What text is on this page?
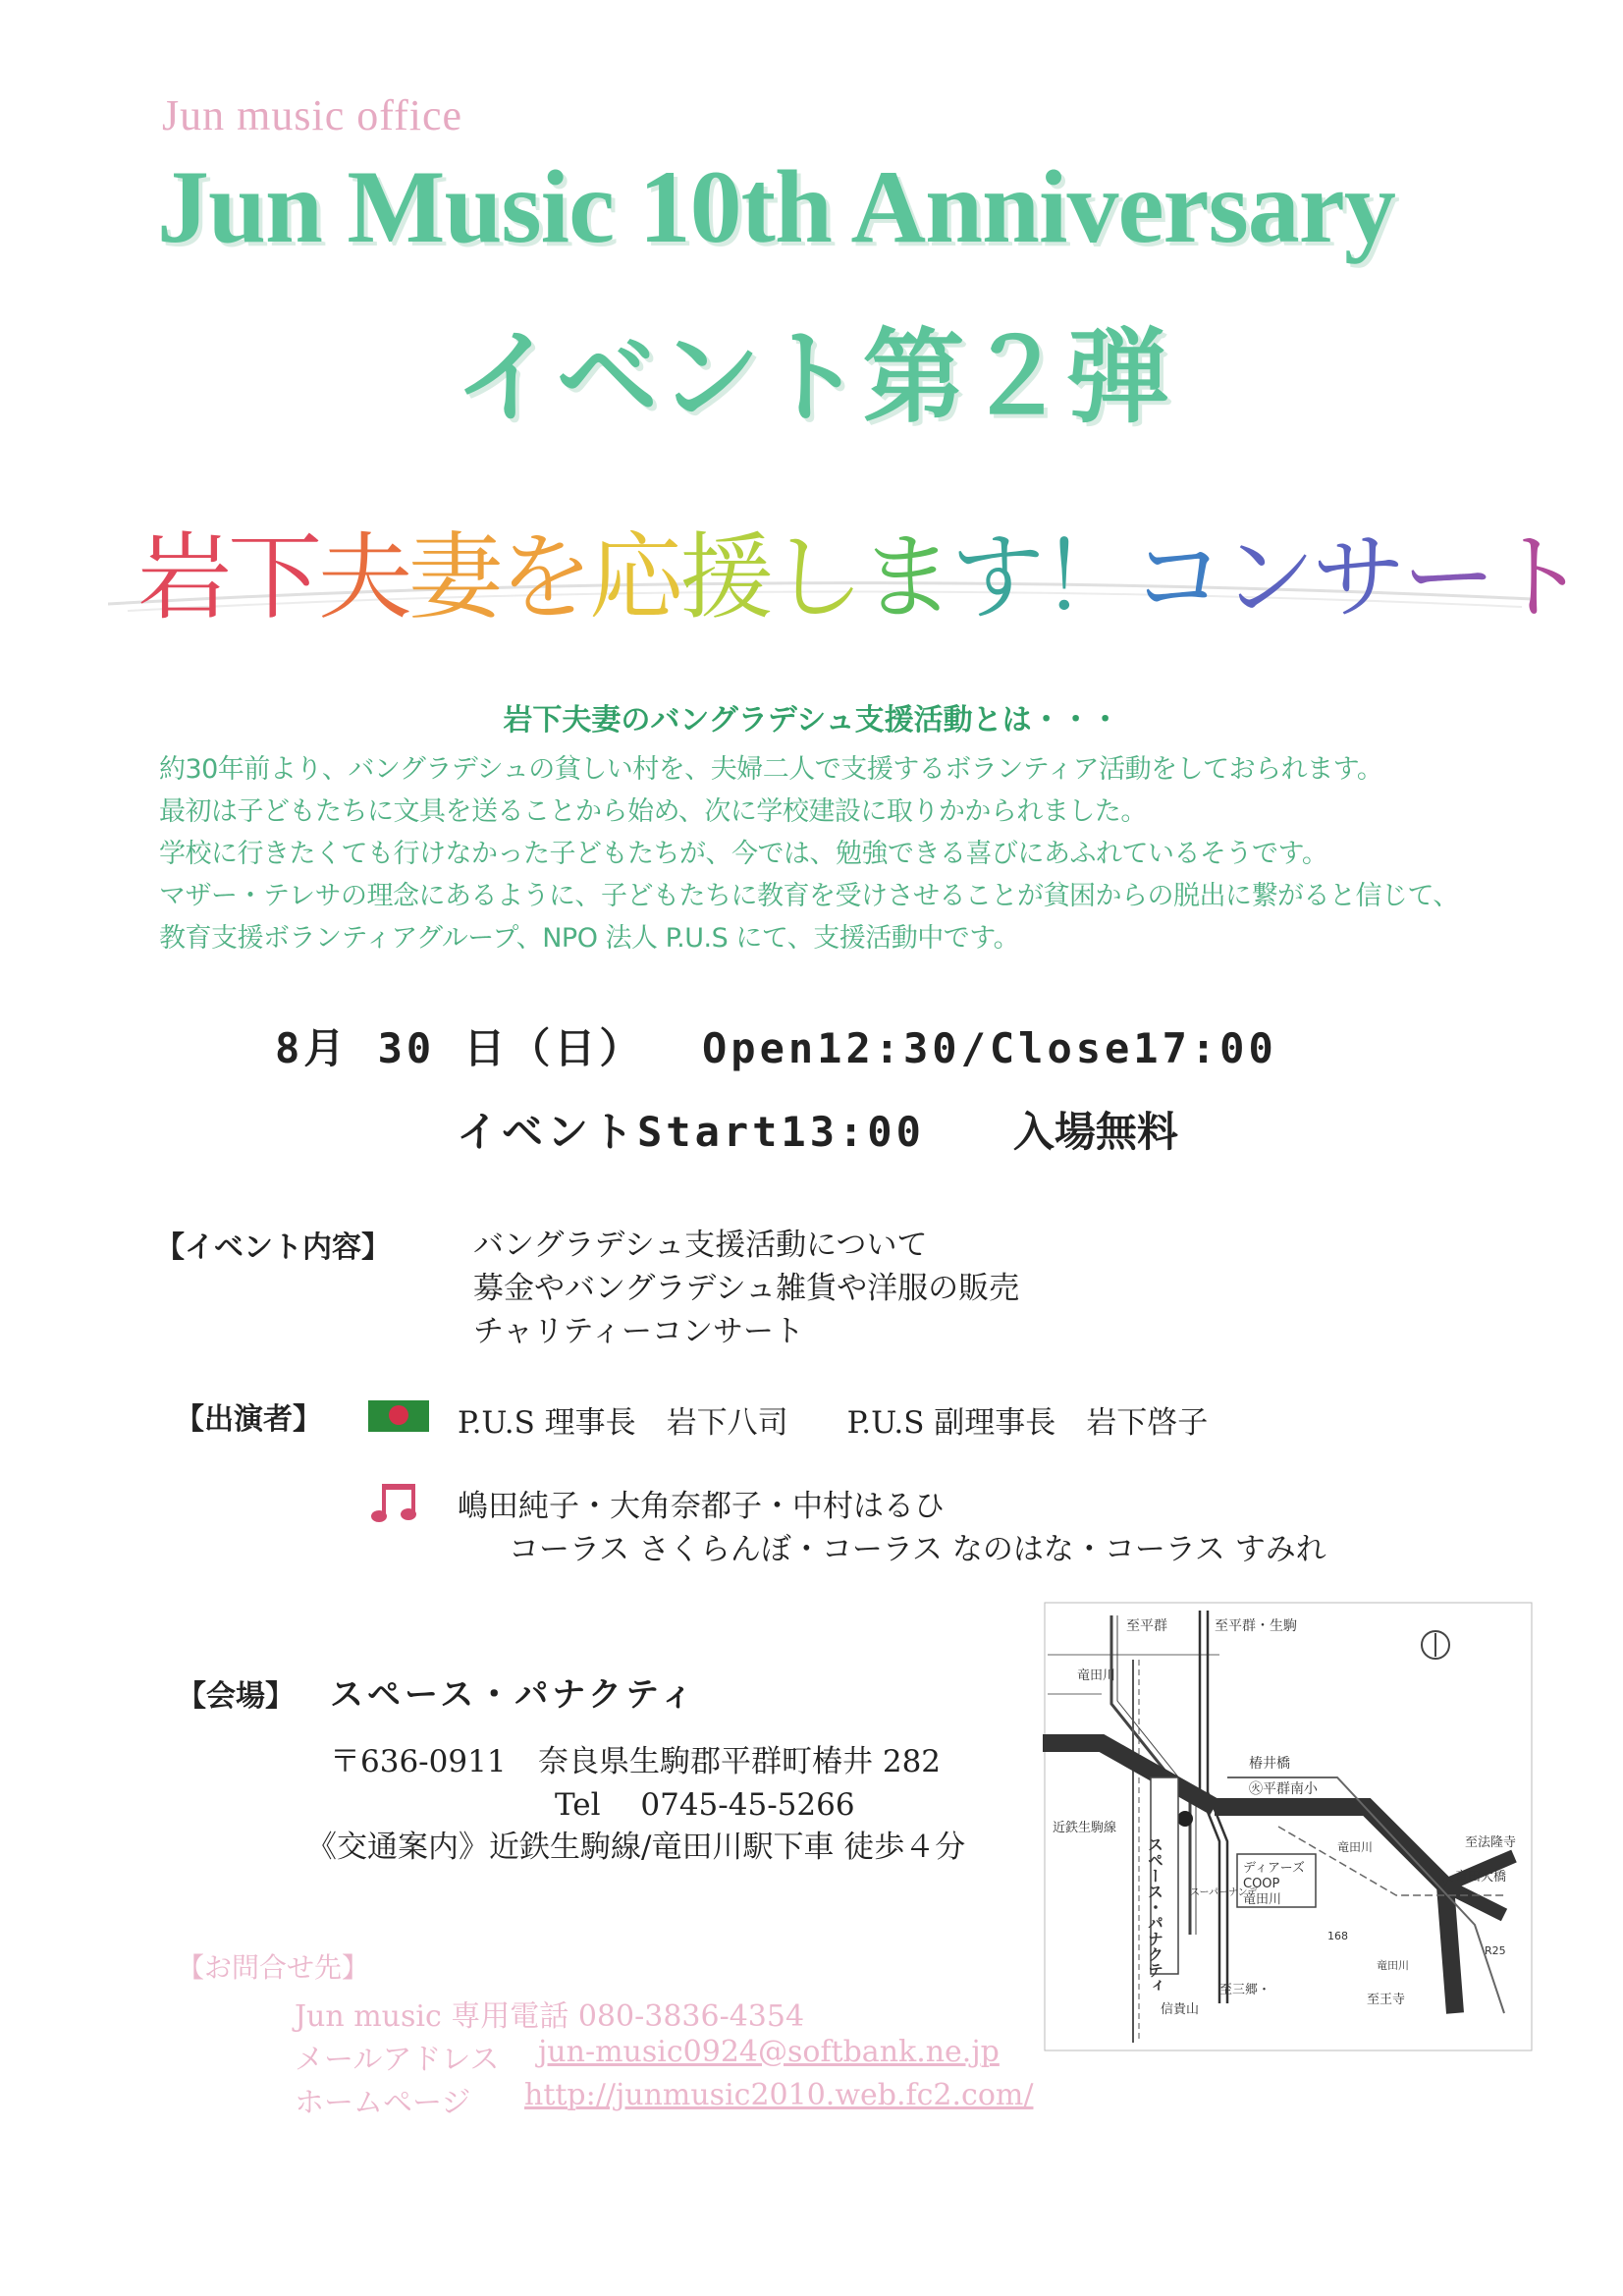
Jun music office
Jun Music 10th Anniversary
イベント第２弾
岩下夫妻を応援します！コンサート
岩下夫妻のバングラデシュ支援活動とは・・・
約30年前より、バングラデシュの貧しい村を、夫婦二人で支援するボランティア活動をしておられます。
最初は子どもたちに文具を送ることから始め、次に学校建設に取りかかられました。
学校に行きたくても行けなかった子どもたちが、今では、勉強できる喜びにあふれているそうです。
マザー・テレサの理念にあるように、子どもたちに教育を受けさせることが貧困からの脱出に繋がると信じて、
教育支援ボランティアグループ、NPO 法人 P.U.S にて、支援活動中です。
8月 30 日（日） Open12:30/Close17:00
イベントStart13:00 入場無料
【イベント内容】	バングラデシュ支援活動について
募金やバングラデシュ雑貨や洋服の販売
チャリティーコンサート
【出演者】	P.U.S 理事長　岩下八司 P.U.S 副理事長　岩下啓子
嶋田純子・大角奈都子・中村はるひ
コーラス さくらんぼ・コーラス なのはな・コーラス すみれ
【会場】 スペース・パナクティ
〒636-0911 奈良県生駒郡平群町椿井 282
Tel　 0745-45-5266
《交通案内》近鉄生駒線/竜田川駅下車 徒歩４分
【お問合せ先】
Jun music 専用電話 080-3836-4354
メールアドレス jun-music0924@softbank.ne.jp
ホームページ http://junmusic2010.web.fc2.com/
至平群
竜田川
至平群・生駒
椿井橋
㊋平群南小
近鉄生駒線
スペース・パナクティ	スーパーナンデ
ディアーズ
COOP
竜田川
竜田川
竜田大橋
至法隆寺
至王寺
至三郷・
信貴山
168
R25
竜田川
